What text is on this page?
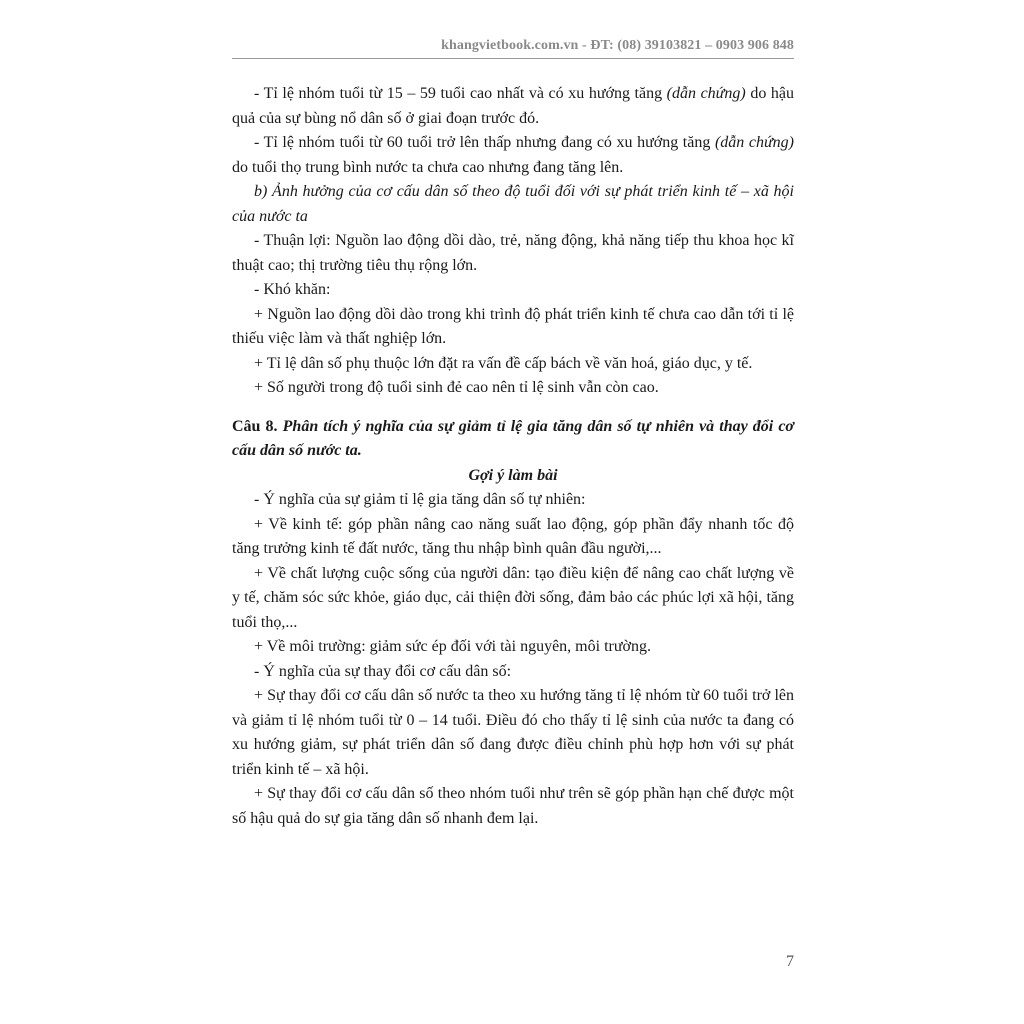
khangvietbook.com.vn - ĐT: (08) 39103821 – 0903 906 848

- Tỉ lệ nhóm tuổi từ 15 – 59 tuổi cao nhất và có xu hướng tăng (dẫn chứng) do hậu quả của sự bùng nổ dân số ở giai đoạn trước đó.

- Tỉ lệ nhóm tuổi từ 60 tuổi trở lên thấp nhưng đang có xu hướng tăng (dẫn chứng) do tuổi thọ trung bình nước ta chưa cao nhưng đang tăng lên.

b) Ảnh hưởng của cơ cấu dân số theo độ tuổi đối với sự phát triển kinh tế – xã hội của nước ta

- Thuận lợi: Nguồn lao động dồi dào, trẻ, năng động, khả năng tiếp thu khoa học kĩ thuật cao; thị trường tiêu thụ rộng lớn.

- Khó khăn:

+ Nguồn lao động dồi dào trong khi trình độ phát triển kinh tế chưa cao dẫn tới tỉ lệ thiếu việc làm và thất nghiệp lớn.

+ Tỉ lệ dân số phụ thuộc lớn đặt ra vấn đề cấp bách về văn hoá, giáo dục, y tế.

+ Số người trong độ tuổi sinh đẻ cao nên tỉ lệ sinh vẫn còn cao.

Câu 8. Phân tích ý nghĩa của sự giảm tỉ lệ gia tăng dân số tự nhiên và thay đổi cơ cấu dân số nước ta.

Gợi ý làm bài

- Ý nghĩa của sự giảm tỉ lệ gia tăng dân số tự nhiên:

+ Về kinh tế: góp phần nâng cao năng suất lao động, góp phần đẩy nhanh tốc độ tăng trưởng kinh tế đất nước, tăng thu nhập bình quân đầu người,...

+ Về chất lượng cuộc sống của người dân: tạo điều kiện để nâng cao chất lượng về y tế, chăm sóc sức khỏe, giáo dục, cải thiện đời sống, đảm bảo các phúc lợi xã hội, tăng tuổi thọ,...

+ Về môi trường: giảm sức ép đối với tài nguyên, môi trường.

- Ý nghĩa của sự thay đổi cơ cấu dân số:

+ Sự thay đổi cơ cấu dân số nước ta theo xu hướng tăng tỉ lệ nhóm từ 60 tuổi trở lên và giảm tỉ lệ nhóm tuổi từ 0 – 14 tuổi. Điều đó cho thấy tỉ lệ sinh của nước ta đang có xu hướng giảm, sự phát triển dân số đang được điều chỉnh phù hợp hơn với sự phát triển kinh tế – xã hội.

+ Sự thay đổi cơ cấu dân số theo nhóm tuổi như trên sẽ góp phần hạn chế được một số hậu quả do sự gia tăng dân số nhanh đem lại.

7
